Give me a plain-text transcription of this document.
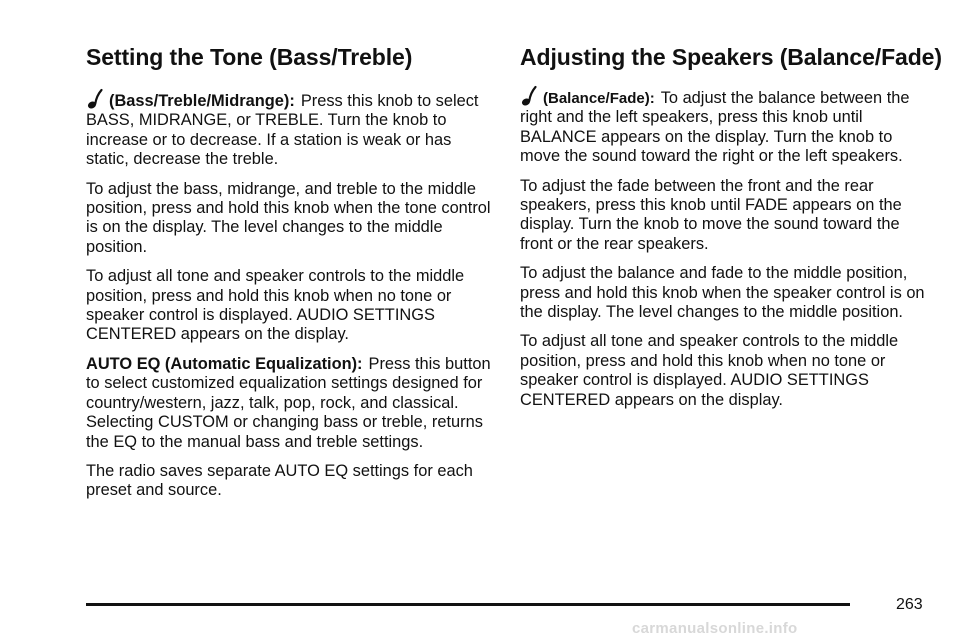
Setting the Tone (Bass/Treble)

(Bass/Treble/Midrange): Press this knob to select BASS, MIDRANGE, or TREBLE. Turn the knob to increase or to decrease. If a station is weak or has static, decrease the treble.

To adjust the bass, midrange, and treble to the middle position, press and hold this knob when the tone control is on the display. The level changes to the middle position.

To adjust all tone and speaker controls to the middle position, press and hold this knob when no tone or speaker control is displayed. AUDIO SETTINGS CENTERED appears on the display.

AUTO EQ (Automatic Equalization): Press this button to select customized equalization settings designed for country/western, jazz, talk, pop, rock, and classical. Selecting CUSTOM or changing bass or treble, returns the EQ to the manual bass and treble settings.

The radio saves separate AUTO EQ settings for each preset and source.

Adjusting the Speakers (Balance/Fade)

(Balance/Fade): To adjust the balance between the right and the left speakers, press this knob until BALANCE appears on the display. Turn the knob to move the sound toward the right or the left speakers.

To adjust the fade between the front and the rear speakers, press this knob until FADE appears on the display. Turn the knob to move the sound toward the front or the rear speakers.

To adjust the balance and fade to the middle position, press and hold this knob when the speaker control is on the display. The level changes to the middle position.

To adjust all tone and speaker controls to the middle position, press and hold this knob when no tone or speaker control is displayed. AUDIO SETTINGS CENTERED appears on the display.

263
carmanualsonline.info
